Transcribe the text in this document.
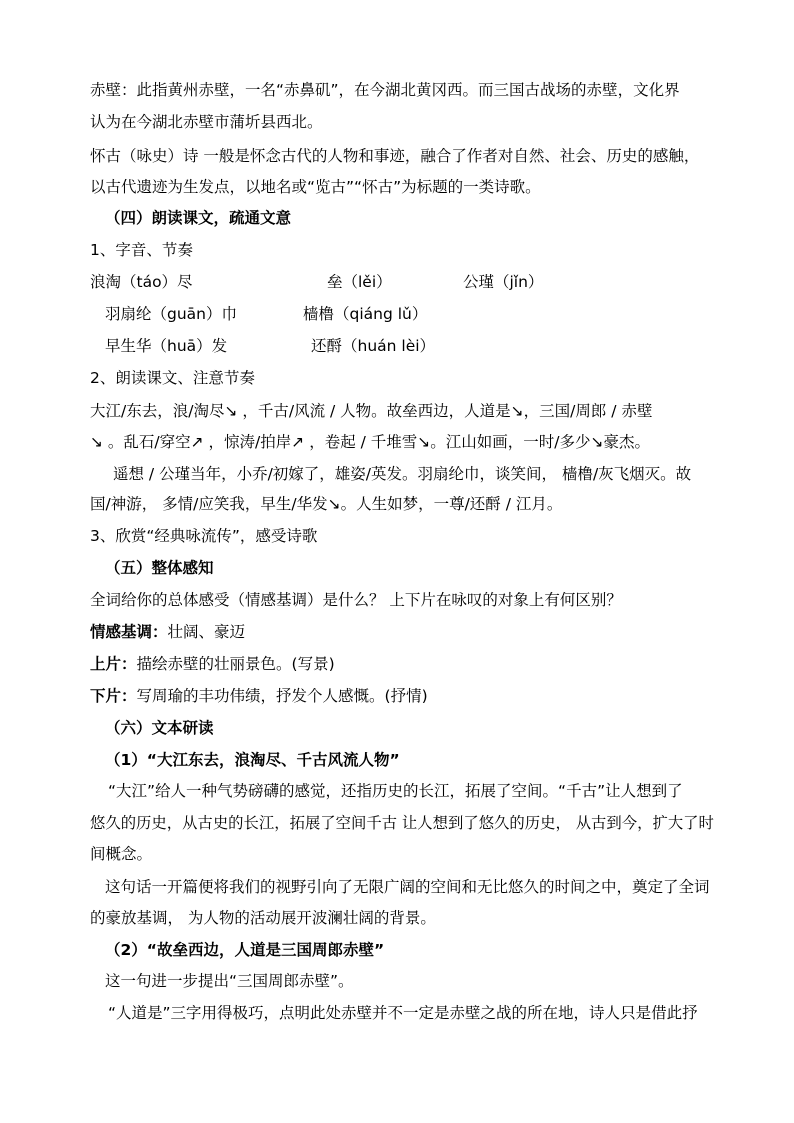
赤壁：此指黄州赤壁，一名“赤鼻矶”，在今湖北黄冈西。而三国古战场的赤壁，文化界
认为在今湖北赤壁市蒲圻县西北。
怀古（咏史）诗 一般是怀念古代的人物和事迹，融合了作者对自然、社会、历史的感触，
以古代遗迹为生发点，以地名或“览古”“怀古”为标题的一类诗歌。
（四）朗读课文，疏通文意
1、字音、节奏
浪淘（táo）尽	垒（lěi）	公瑾（jǐn）
羽扇纶（guān）巾	樯橹（qiáng lǔ）
早生华（huā）发	还酹（huán lèi）
2、朗读课文、注意节奏
大江/东去，浪/淘尽↘ ，千古/风流 / 人物。故垒西边，人道是↘，三国/周郎 / 赤壁
↘ 。乱石/穿空↗ ，惊涛/拍岸↗ ，卷起 / 千堆雪↘。江山如画，一时/多少↘豪杰。
遥想 / 公瑾当年，小乔/初嫁了，雄姿/英发。羽扇纶巾，谈笑间， 樯橹/灰飞烟灭。故
国/神游， 多情/应笑我，早生/华发↘。人生如梦，一尊/还酹 / 江月。
3、欣赏“经典咏流传”，感受诗歌
（五）整体感知
全词给你的总体感受（情感基调）是什么？ 上下片在咏叹的对象上有何区别？
情感基调：壮阔、豪迈
上片：描绘赤壁的壮丽景色。(写景)
下片：写周瑜的丰功伟绩，抒发个人感慨。(抒情)
（六）文本研读
（1）“大江东去，浪淘尽、千古风流人物”
“大江”给人一种气势磅礴的感觉，还指历史的长江，拓展了空间。“千古”让人想到了
悠久的历史，从古史的长江，拓展了空间千古 让人想到了悠久的历史， 从古到今，扩大了时
间概念。
这句话一开篇便将我们的视野引向了无限广阔的空间和无比悠久的时间之中，奠定了全词
的豪放基调， 为人物的活动展开波澜壮阔的背景。
（2）“故垒西边，人道是三国周郎赤壁”
这一句进一步提出“三国周郎赤壁”。
“人道是”三字用得极巧，点明此处赤壁并不一定是赤壁之战的所在地，诗人只是借此抒
